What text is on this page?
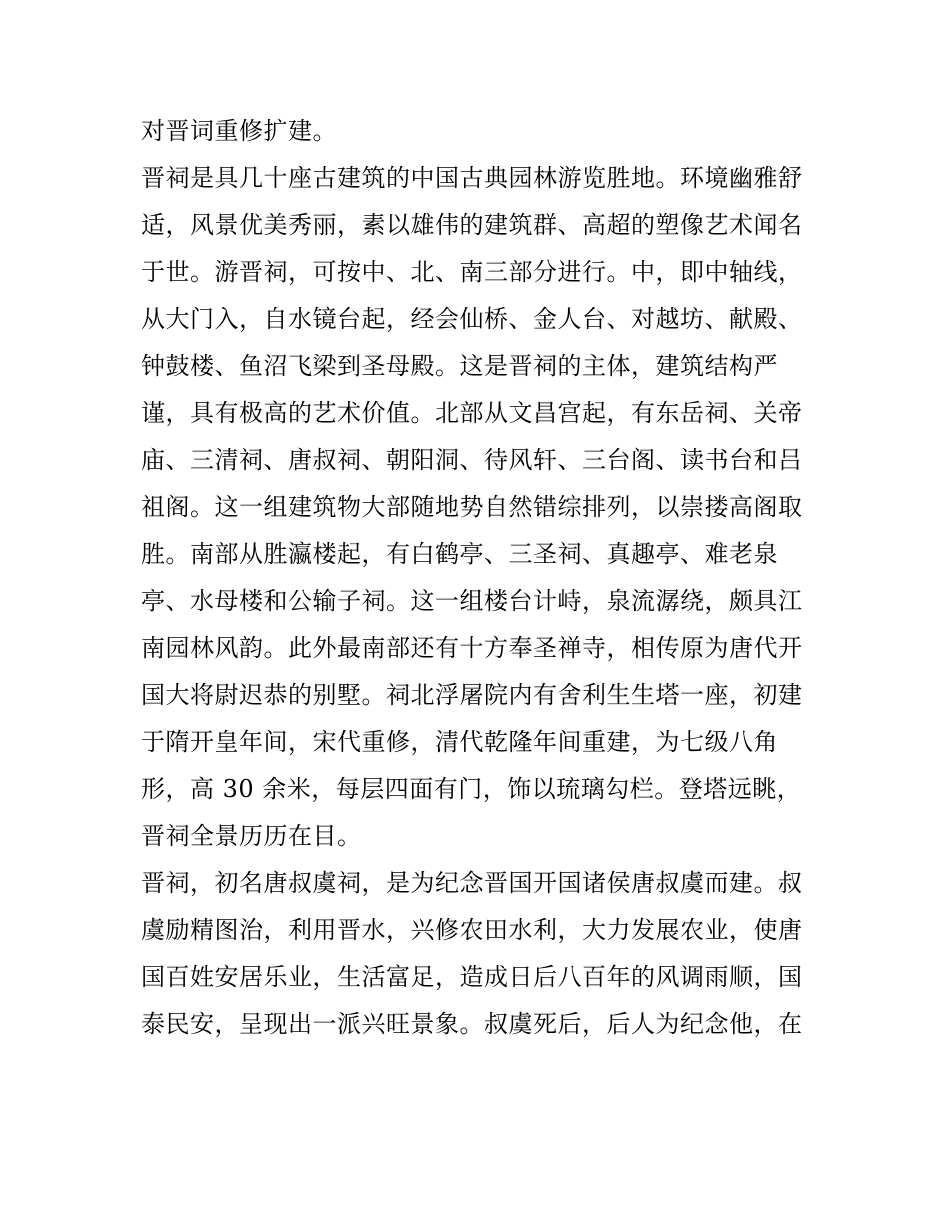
对晋词重修扩建。
晋祠是具几十座古建筑的中国古典园林游览胜地。环境幽雅舒
适，风景优美秀丽，素以雄伟的建筑群、高超的塑像艺术闻名
于世。游晋祠，可按中、北、南三部分进行。中，即中轴线，
从大门入，自水镜台起，经会仙桥、金人台、对越坊、献殿、
钟鼓楼、鱼沼飞梁到圣母殿。这是晋祠的主体，建筑结构严
谨，具有极高的艺术价值。北部从文昌宫起，有东岳祠、关帝
庙、三清祠、唐叔祠、朝阳洞、待风轩、三台阁、读书台和吕
祖阁。这一组建筑物大部随地势自然错综排列，以崇搂高阁取
胜。南部从胜瀛楼起，有白鹤亭、三圣祠、真趣亭、难老泉
亭、水母楼和公输子祠。这一组楼台计峙，泉流潺绕，颇具江
南园林风韵。此外最南部还有十方奉圣禅寺，相传原为唐代开
国大将尉迟恭的别墅。祠北浮屠院内有舍利生生塔一座，初建
于隋开皇年间，宋代重修，清代乾隆年间重建，为七级八角
形，高 30 余米，每层四面有门，饰以琉璃勾栏。登塔远眺，
晋祠全景历历在目。
晋祠，初名唐叔虞祠，是为纪念晋国开国诸侯唐叔虞而建。叔
虞励精图治，利用晋水，兴修农田水利，大力发展农业，使唐
国百姓安居乐业，生活富足，造成日后八百年的风调雨顺，国
泰民安，呈现出一派兴旺景象。叔虞死后，后人为纪念他，在
